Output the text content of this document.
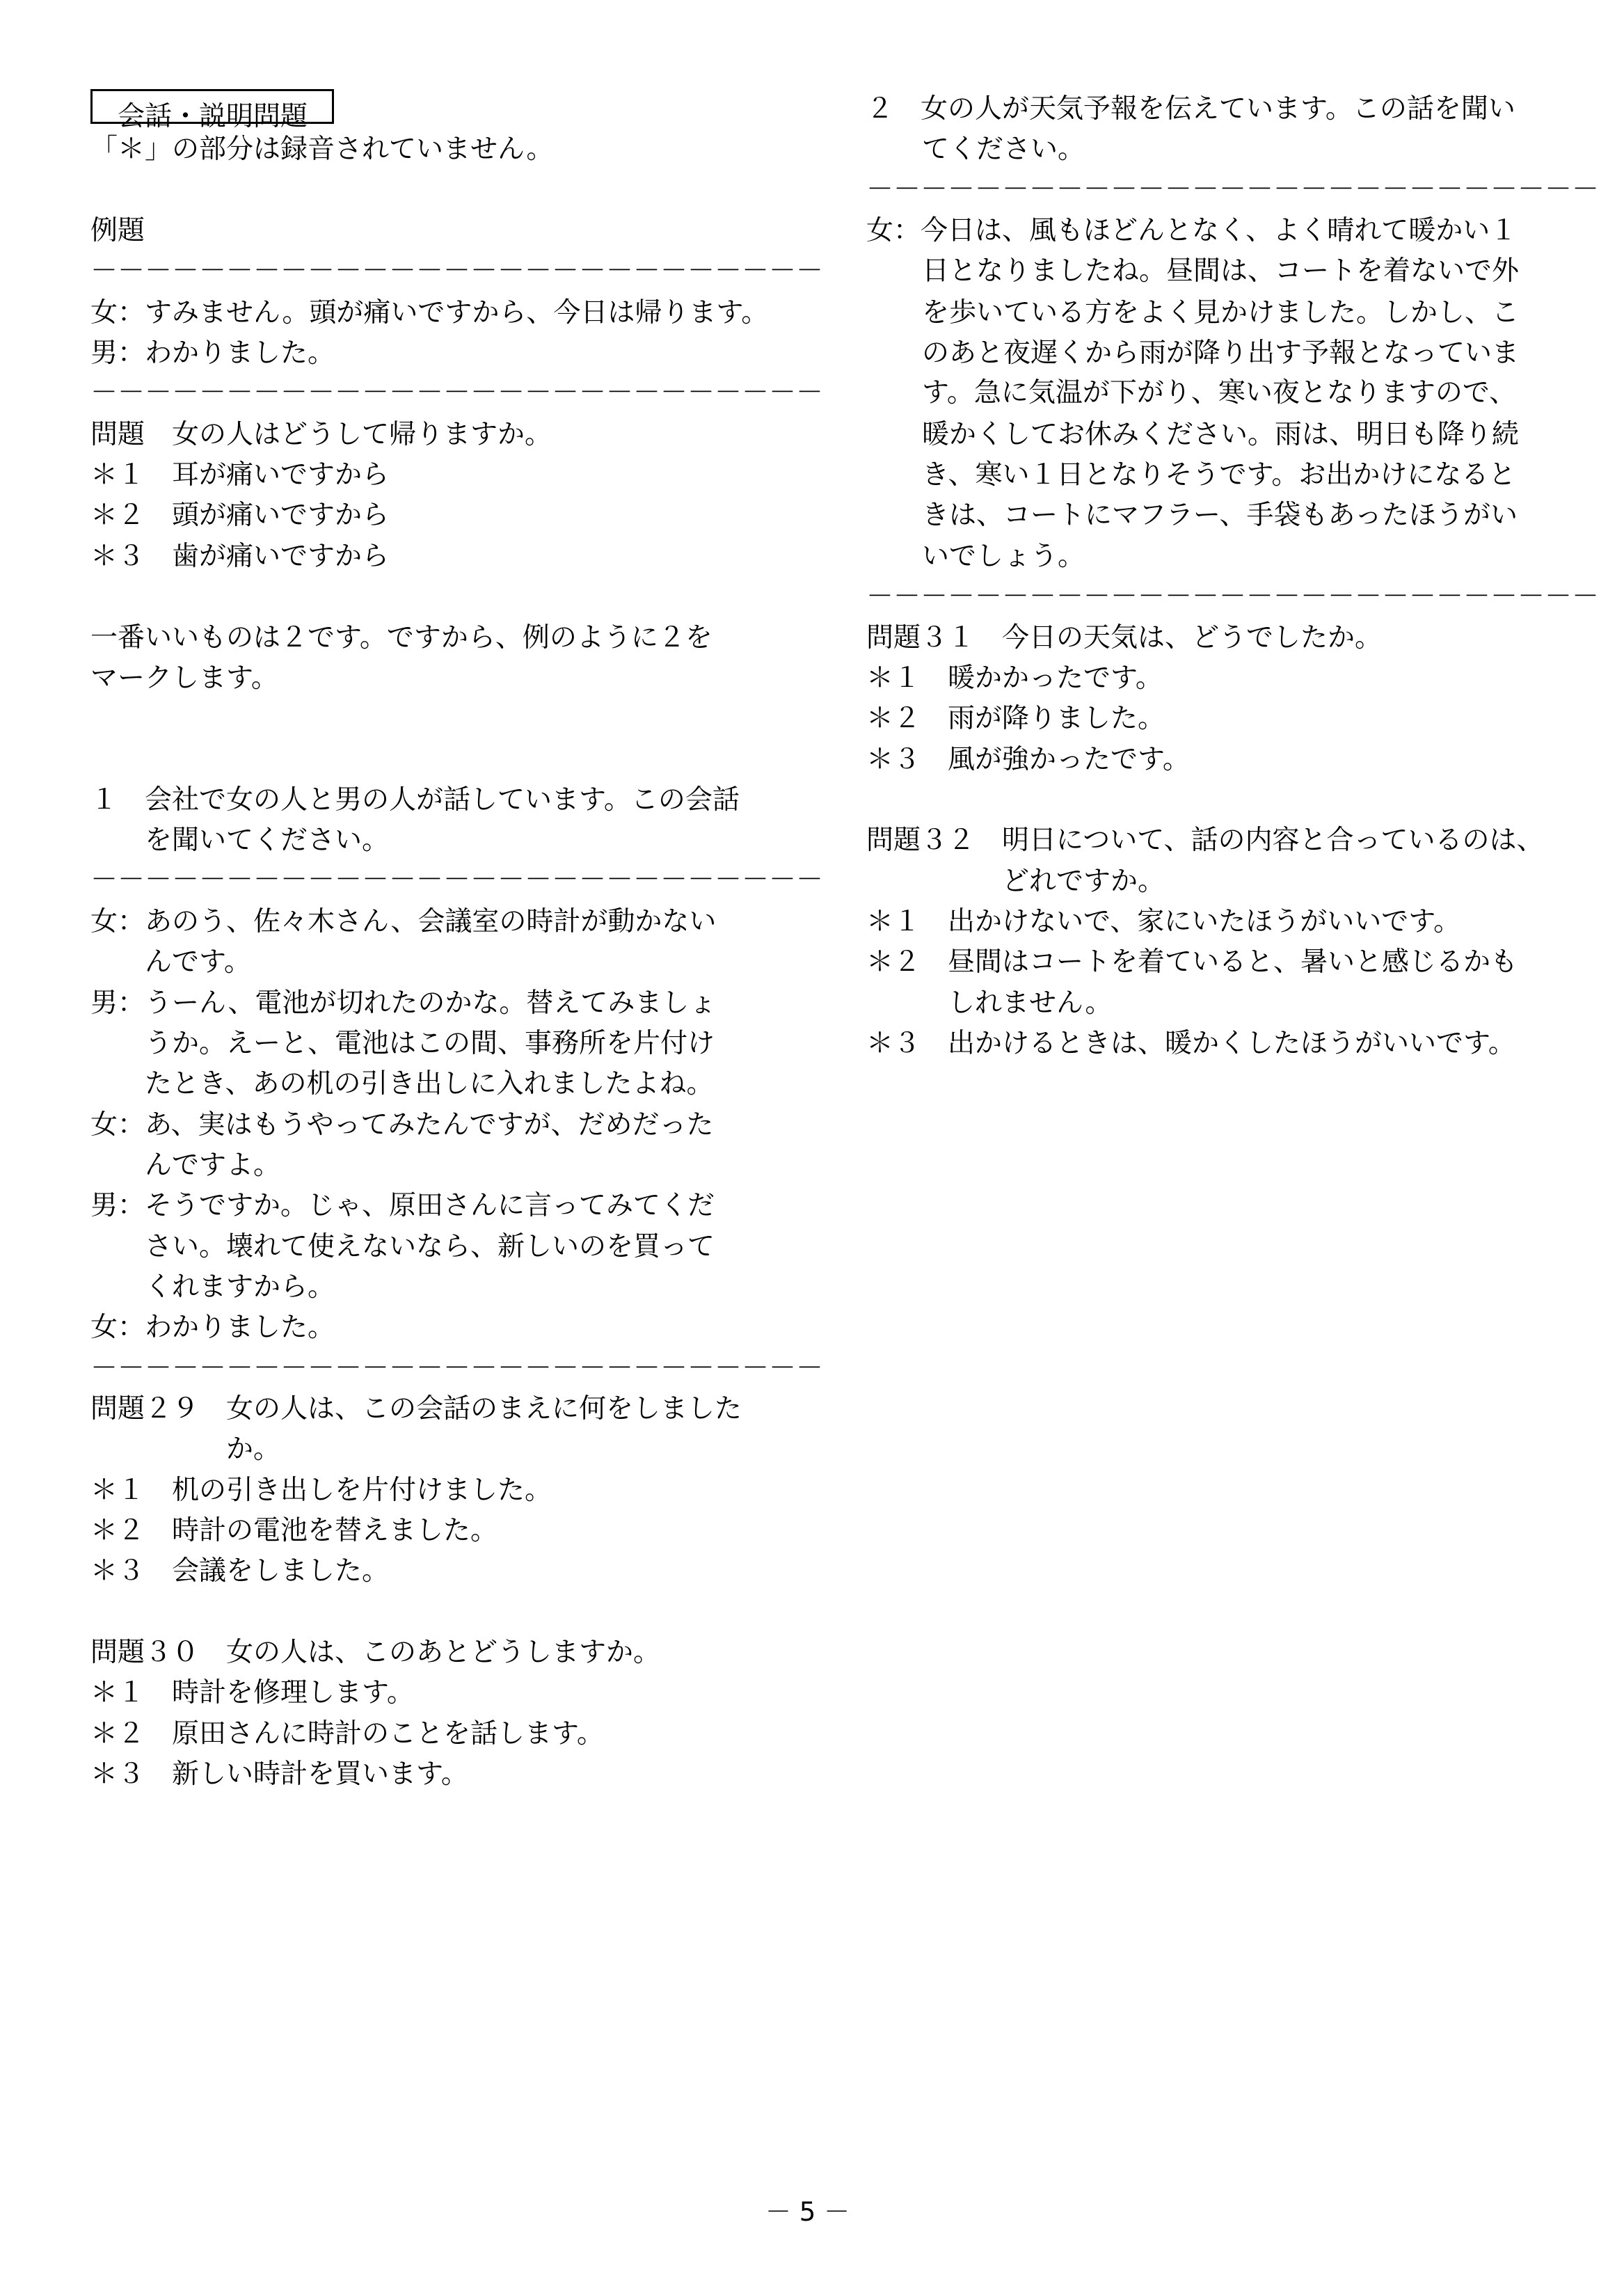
会話・説明問題
「＊」の部分は録音されていません。
例題
－－－－－－－－－－－－－－－－－－－－－－－－－－－
女：すみません。頭が痛いですから、今日は帰ります。
男：わかりました。
－－－－－－－－－－－－－－－－－－－－－－－－－－－
問題　女の人はどうして帰りますか。
＊１　耳が痛いですから
＊２　頭が痛いですから
＊３　歯が痛いですから
一番いいものは２です。ですから、例のように２を
マークします。
１　会社で女の人と男の人が話しています。この会話
を聞いてください。
－－－－－－－－－－－－－－－－－－－－－－－－－－－
女：あのう、佐々木さん、会議室の時計が動かない
んです。
男：うーん、電池が切れたのかな。替えてみましょ
うか。えーと、電池はこの間、事務所を片付け
たとき、あの机の引き出しに入れましたよね。
女：あ、実はもうやってみたんですが、だめだった
んですよ。
男：そうですか。じゃ、原田さんに言ってみてくだ
さい。壊れて使えないなら、新しいのを買って
くれますから。
女：わかりました。
－－－－－－－－－－－－－－－－－－－－－－－－－－－
問題２９　女の人は、この会話のまえに何をしました
か。
＊１　机の引き出しを片付けました。
＊２　時計の電池を替えました。
＊３　会議をしました。
問題３０　女の人は、このあとどうしますか。
＊１　時計を修理します。
＊２　原田さんに時計のことを話します。
＊３　新しい時計を買います。
２　女の人が天気予報を伝えています。この話を聞い
てください。
－－－－－－－－－－－－－－－－－－－－－－－－－－－
女：今日は、風もほどんとなく、よく晴れて暖かい１
日となりましたね。昼間は、コートを着ないで外
を歩いている方をよく見かけました。しかし、こ
のあと夜遅くから雨が降り出す予報となっていま
す。急に気温が下がり、寒い夜となりますので、
暖かくしてお休みください。雨は、明日も降り続
き、寒い１日となりそうです。お出かけになると
きは、コートにマフラー、手袋もあったほうがい
いでしょう。
－－－－－－－－－－－－－－－－－－－－－－－－－－－
問題３１　今日の天気は、どうでしたか。
＊１　暖かかったです。
＊２　雨が降りました。
＊３　風が強かったです。
問題３２　明日について、話の内容と合っているのは、
どれですか。
＊１　出かけないで、家にいたほうがいいです。
＊２　昼間はコートを着ていると、暑いと感じるかも
しれません。
＊３　出かけるときは、暖かくしたほうがいいです。
－ 5 －
